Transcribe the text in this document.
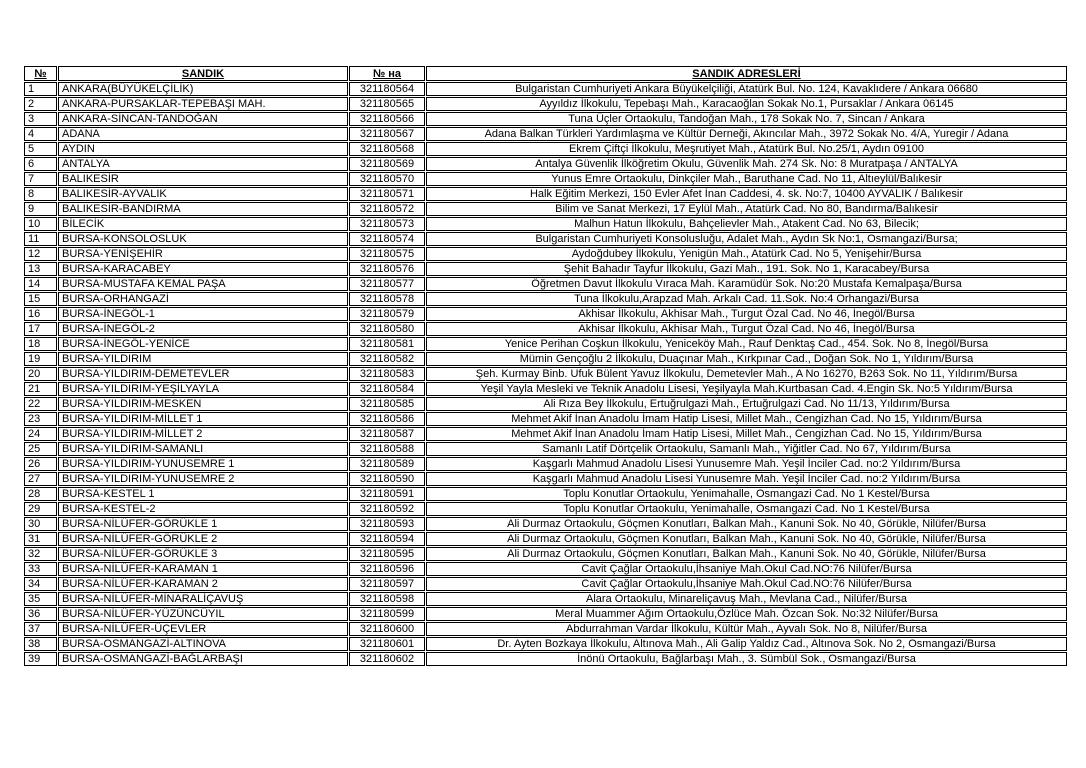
№	SANDIK	№ на	SANDIK ADRESLERİ
1	ANKARA(BÜYÜKELÇİLİK)	321180564	Bulgaristan Cumhuriyeti Ankara Büyükelçiliği, Atatürk Bul. No. 124, Kavaklıdere / Ankara 06680
2	ANKARA-PURSAKLAR-TEPEBAŞI MAH.	321180565	Ayyıldız İlkokulu, Tepebaşı Mah., Karacaoğlan Sokak No.1, Pursaklar / Ankara 06145
3	ANKARA-SİNCAN-TANDOĞAN	321180566	Tuna Üçler Ortaokulu, Tandoğan Mah., 178 Sokak No. 7, Sincan / Ankara
4	ADANA	321180567	Adana Balkan Türkleri Yardımlaşma ve Kültür Derneği, Akıncılar Mah., 3972 Sokak No. 4/A, Yuregir / Adana
5	AYDIN	321180568	Ekrem Çiftçi İlkokulu, Meşrutiyet Mah., Atatürk Bul. No.25/1, Aydın 09100
6	ANTALYA	321180569	Antalya Güvenlik İlköğretim Okulu, Güvenlik Mah. 274 Sk. No: 8 Muratpaşa / ANTALYA
7	BALIKESİR	321180570	Yunus Emre Ortaokulu, Dinkçiler Mah., Baruthane Cad. No 11, Altıeylül/Balıkesir
8	BALIKESİR-AYVALIK	321180571	Halk Eğitim Merkezi, 150 Evler Afet İnan Caddesi, 4. sk. No:7, 10400 AYVALIK / Balıkesir
9	BALIKESİR-BANDIRMA	321180572	Bilim ve Sanat Merkezi, 17 Eylül Mah., Atatürk Cad. No 80, Bandırma/Balıkesir
10	BİLECİK	321180573	Malhun Hatun İlkokulu, Bahçelievler Mah., Atakent Cad. No 63, Bilecik;
11	BURSA-KONSOLOSLUK	321180574	Bulgaristan Cumhuriyeti Konsolusluğu, Adalet Mah., Aydın Sk No:1, Osmangazi/Bursa;
12	BURSA-YENİŞEHİR	321180575	Aydoğdubey İlkokulu, Yenigün Mah., Atatürk Cad. No 5, Yenişehir/Bursa
13	BURSA-KARACABEY	321180576	Şehit Bahadır Tayfur İlkokulu, Gazi Mah., 191. Sok. No 1, Karacabey/Bursa
14	BURSA-MUSTAFA KEMAL PAŞA	321180577	Öğretmen Davut İlkokulu Vıraca Mah. Karamüdür Sok. No:20 Mustafa Kemalpaşa/Bursa
15	BURSA-ORHANGAZİ	321180578	Tuna İlkokulu,Arapzad Mah. Arkalı Cad. 11.Sok. No:4 Orhangazi/Bursa
16	BURSA-İNEGÖL-1	321180579	Akhisar İlkokulu, Akhisar Mah., Turgut Özal Cad. No 46, İnegöl/Bursa
17	BURSA-İNEGÖL-2	321180580	Akhisar İlkokulu, Akhisar Mah., Turgut Özal Cad. No 46, İnegöl/Bursa
18	BURSA-İNEGÖL-YENİCE	321180581	Yenice Perihan Coşkun İlkokulu, Yeniceköy Mah., Rauf Denktaş Cad., 454. Sok. No 8, İnegöl/Bursa
19	BURSA-YILDIRIM	321180582	Mümin Gençoğlu 2 İlkokulu, Duaçınar Mah., Kırkpınar Cad., Doğan Sok. No 1, Yıldırım/Bursa
20	BURSA-YILDIRIM-DEMETEVLER	321180583	Şeh. Kurmay Binb. Ufuk Bülent Yavuz İlkokulu, Demetevler Mah., A No 16270, B263 Sok. No 11, Yıldırım/Bursa
21	BURSA-YILDIRIM-YEŞİLYAYLA	321180584	Yeşil Yayla Mesleki ve Teknik Anadolu Lisesi, Yeşilyayla Mah.Kurtbasan Cad. 4.Engin Sk. No:5 Yıldırım/Bursa
22	BURSA-YILDIRIM-MESKEN	321180585	Ali Rıza Bey İlkokulu, Ertuğrulgazi Mah., Ertuğrulgazi Cad. No 11/13, Yıldırım/Bursa
23	BURSA-YILDIRIM-MİLLET 1	321180586	Mehmet Akif İnan Anadolu İmam Hatip Lisesi, Millet Mah., Cengizhan Cad. No 15, Yıldırım/Bursa
24	BURSA-YILDIRIM-MİLLET 2	321180587	Mehmet Akif İnan Anadolu İmam Hatip Lisesi, Millet Mah., Cengizhan Cad. No 15, Yıldırım/Bursa
25	BURSA-YILDIRIM-SAMANLI	321180588	Samanlı Latif Dörtçelik Ortaokulu, Samanlı Mah., Yiğitler Cad. No 67, Yıldırım/Bursa
26	BURSA-YILDIRIM-YUNUSEMRE 1	321180589	Kaşgarlı Mahmud Anadolu Lisesi Yunusemre Mah. Yeşil İnciler Cad. no:2 Yıldırım/Bursa
27	BURSA-YILDIRIM-YUNUSEMRE 2	321180590	Kaşgarlı Mahmud Anadolu Lisesi Yunusemre Mah. Yeşil İnciler Cad. no:2 Yıldırım/Bursa
28	BURSA-KESTEL 1	321180591	Toplu Konutlar Ortaokulu, Yenimahalle, Osmangazi Cad. No 1 Kestel/Bursa
29	BURSA-KESTEL-2	321180592	Toplu Konutlar Ortaokulu, Yenimahalle, Osmangazi Cad. No 1 Kestel/Bursa
30	BURSA-NİLÜFER-GÖRÜKLE 1	321180593	Ali Durmaz Ortaokulu, Göçmen Konutları, Balkan Mah., Kanuni Sok. No 40, Görükle, Nilüfer/Bursa
31	BURSA-NİLÜFER-GÖRÜKLE 2	321180594	Ali Durmaz Ortaokulu, Göçmen Konutları, Balkan Mah., Kanuni Sok. No 40, Görükle, Nilüfer/Bursa
32	BURSA-NİLÜFER-GÖRÜKLE 3	321180595	Ali Durmaz Ortaokulu, Göçmen Konutları, Balkan Mah., Kanuni Sok. No 40, Görükle, Nilüfer/Bursa
33	BURSA-NİLÜFER-KARAMAN 1	321180596	Cavit Çağlar Ortaokulu,İhsaniye Mah.Okul Cad.NO:76 Nilüfer/Bursa
34	BURSA-NİLÜFER-KARAMAN 2	321180597	Cavit Çağlar Ortaokulu,İhsaniye Mah.Okul Cad.NO:76 Nilüfer/Bursa
35	BURSA-NİLÜFER-MİNARALİÇAVUŞ	321180598	Alara Ortaokulu, Minareliçavuş Mah., Mevlana Cad., Nilüfer/Bursa
36	BURSA-NİLÜFER-YÜZÜNCÜYIL	321180599	Meral Muammer Ağım Ortaokulu,Özlüce Mah. Özcan Sok. No:32 Nilüfer/Bursa
37	BURSA-NİLÜFER-ÜÇEVLER	321180600	Abdurrahman Vardar İlkokulu, Kültür Mah., Ayvalı Sok. No 8, Nilüfer/Bursa
38	BURSA-OSMANGAZİ-ALTINOVA	321180601	Dr. Ayten Bozkaya İlkokulu, Altınova Mah., Ali Galip Yaldız Cad., Altınova Sok. No 2, Osmangazi/Bursa
39	BURSA-OSMANGAZİ-BAĞLARBAŞI	321180602	İnönü Ortaokulu, Bağlarbaşı Mah., 3. Sümbül Sok., Osmangazi/Bursa
